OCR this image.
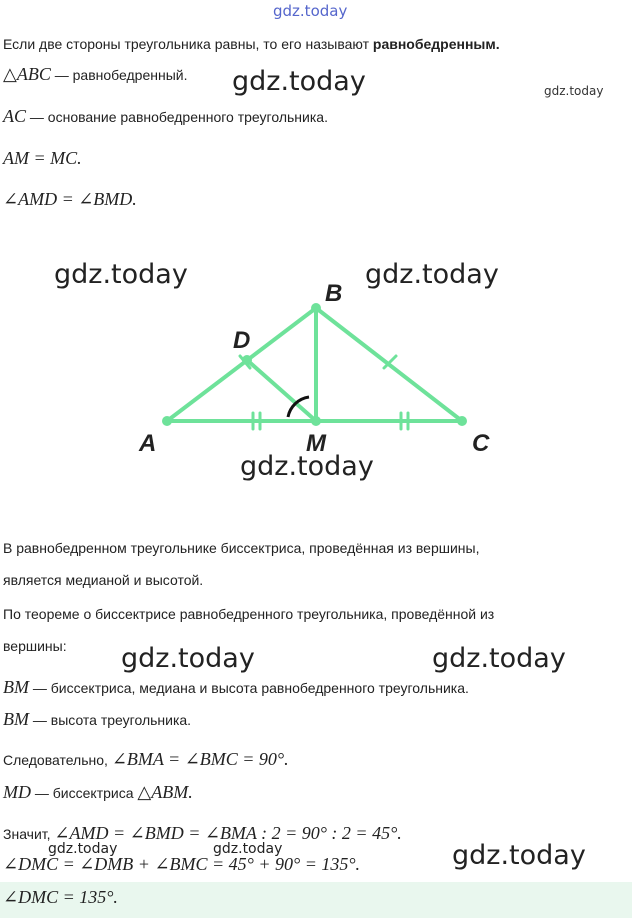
gdz.today
Если две стороны треугольника равны, то его называют равнобедренным.
△ABC — равнобедренный. gdz.today	gdz.today
AC — основание равнобедренного треугольника.
AM = MC.
∠AMD = ∠BMD.
gdz.today	gdz.today
gdz.today
A
B
C
D
M
В равнобедренном треугольнике биссектриса, проведённая из вершины,
является медианой и высотой.
По теореме о биссектрисе равнобедренного треугольника, проведённой из
вершины: gdz.today	gdz.today
BM — биссектриса, медиана и высота равнобедренного треугольника.
BM — высота треугольника.
Следовательно, ∠BMA = ∠BMC = 90°.
MD — биссектриса △ABM.
Значит, ∠AMD = ∠BMD = ∠BMA : 2 = 90° : 2 = 45°.
∠DMC = ∠DMB + ∠BMC = 45° + 90° = 135°.
gdz.today	gdz.today	gdz.today
∠DMC = 135°.
